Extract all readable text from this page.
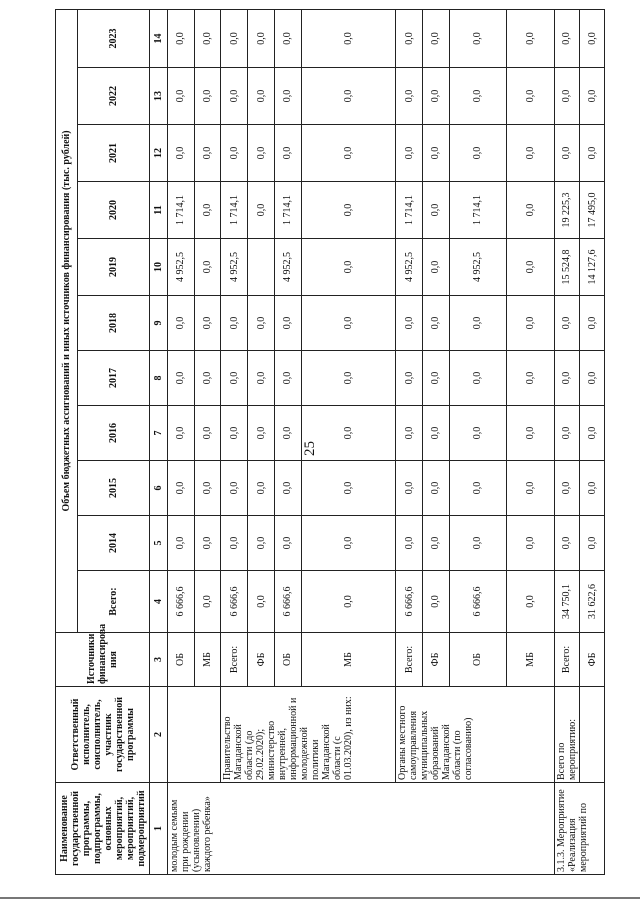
25
Наименование государственной программы, подпрограммы, основных мероприятий, мероприятий, подмероприятий	Ответственный исполнитель, соисполнитель, участник государственной программы	Источники финансирова ния	Объем бюджетных ассигнований и иных источников финансирования (тыс. рублей)										
			Всего:	2014	2015	2016	2017	2018	2019	2020	2021	2022	2023
1	2	3	4	5	6	7	8	9	10	11	12	13	14
молодым семьям при рождении (усыновлении) каждого ребенка»		ОБ	6 666,6	0,0	0,0	0,0	0,0	0,0	4 952,5	1 714,1	0,0	0,0	0,0
		МБ	0,0	0,0	0,0	0,0	0,0	0,0	0,0	0,0	0,0	0,0	0,0
	Правительство Магаданской области (до 29.02.2020); министерство внутренней, информационной и молодежной политики Магаданской области (с 01.03.2020), из них:	Всего:	6 666,6	0,0	0,0	0,0	0,0	0,0	4 952,5	1 714,1	0,0	0,0	0,0
		ФБ	0,0	0,0	0,0	0,0	0,0	0,0		0,0	0,0	0,0	0,0
		ОБ	6 666,6	0,0	0,0	0,0	0,0	0,0	4 952,5	1 714,1	0,0	0,0	0,0
		МБ	0,0	0,0	0,0	0,0	0,0	0,0	0,0	0,0	0,0	0,0	0,0
	Органы местного самоуправления муниципальных образований Магаданской области (по согласованию)	Всего:	6 666,6	0,0	0,0	0,0	0,0	0,0	4 952,5	1 714,1	0,0	0,0	0,0
		ФБ	0,0	0,0	0,0	0,0	0,0	0,0	0,0	0,0	0,0	0,0	0,0
		ОБ	6 666,6	0,0	0,0	0,0	0,0	0,0	4 952,5	1 714,1	0,0	0,0	0,0
		МБ	0,0	0,0	0,0	0,0	0,0	0,0	0,0	0,0	0,0	0,0	0,0
3.1.3. Мероприятие «Реализация мероприятий по	Всего по мероприятию:	Всего:	34 750,1	0,0	0,0	0,0	0,0	0,0	15 524,8	19 225,3	0,0	0,0	0,0
		ФБ	31 622,6	0,0	0,0	0,0	0,0	0,0	14 127,6	17 495,0	0,0	0,0	0,0
